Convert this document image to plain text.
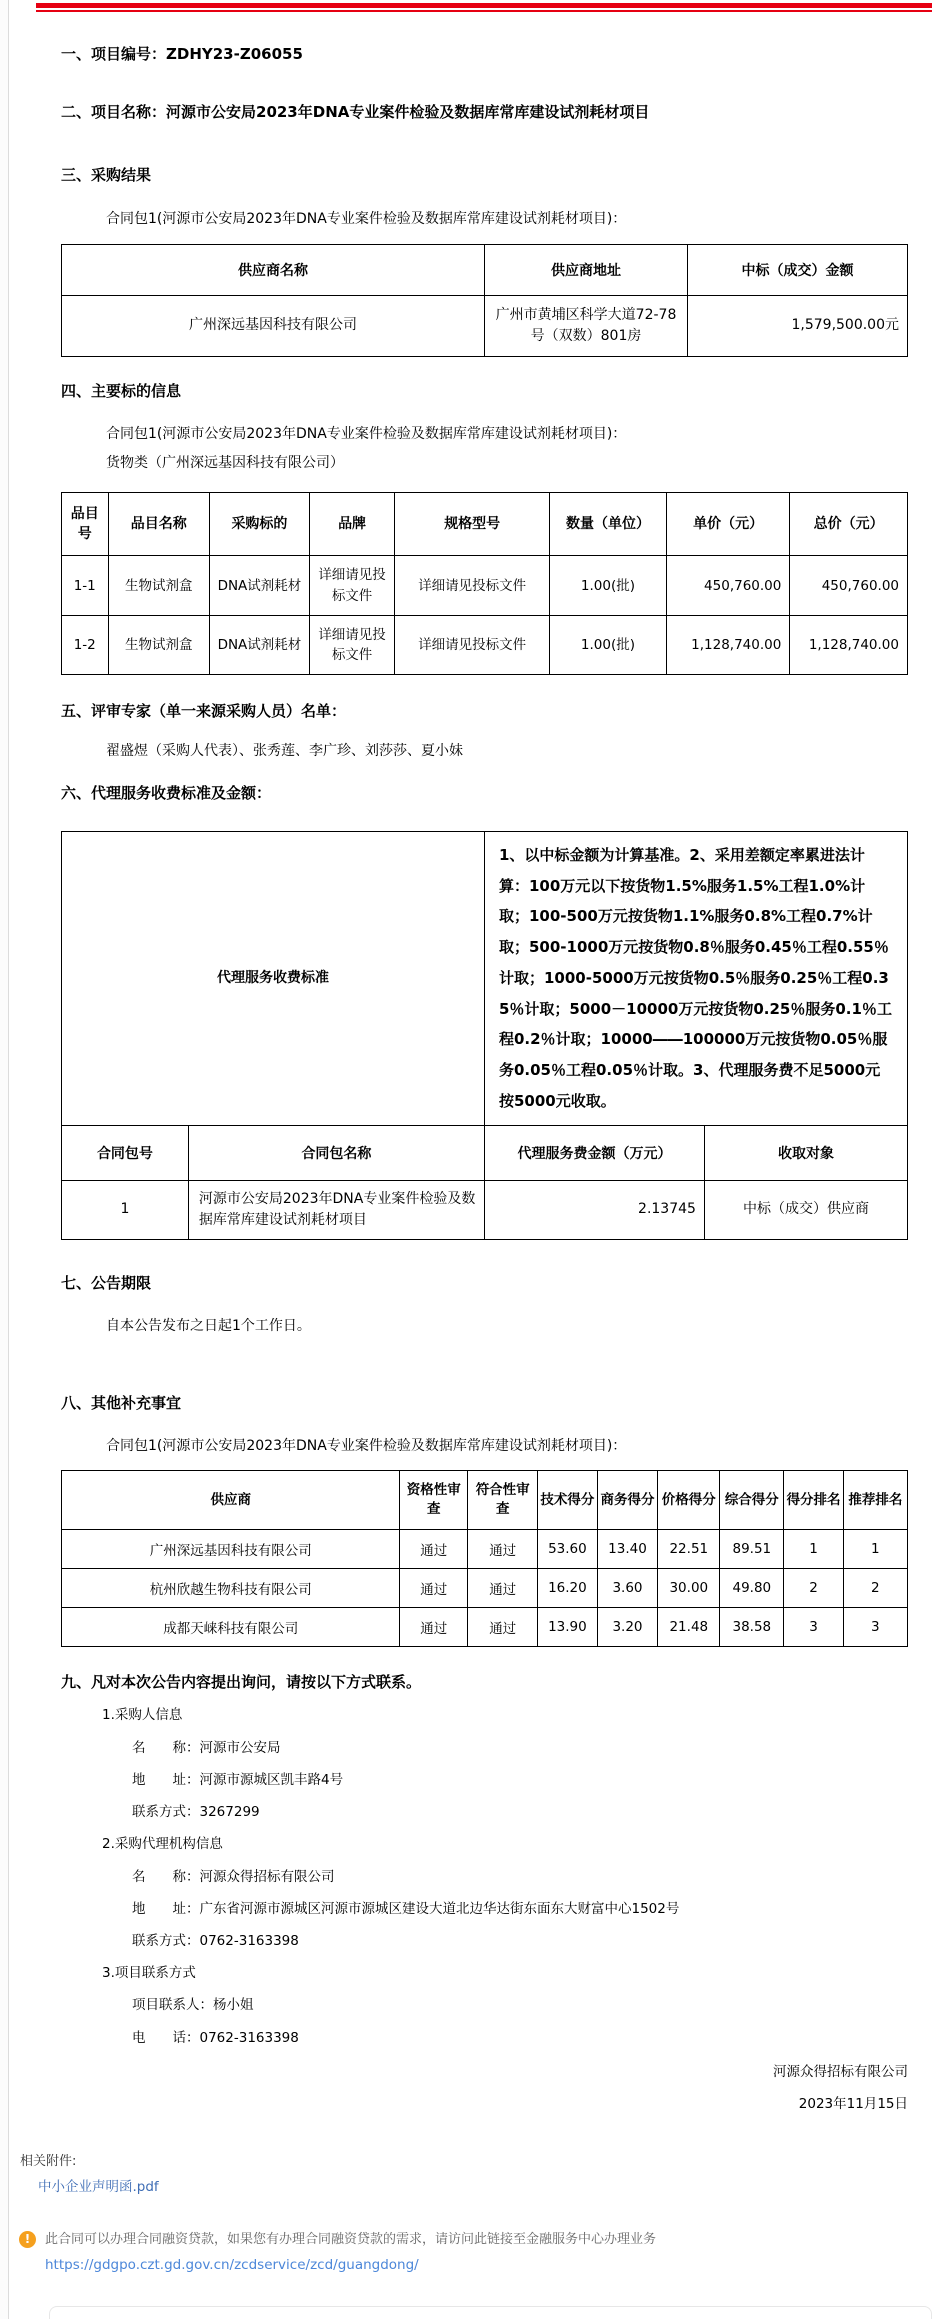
一、项目编号：ZDHY23-Z06055

二、项目名称：河源市公安局2023年DNA专业案件检验及数据库常库建设试剂耗材项目

三、采购结果

合同包1(河源市公安局2023年DNA专业案件检验及数据库常库建设试剂耗材项目)：

供应商名称	供应商地址	中标（成交）金额
广州深远基因科技有限公司	广州市黄埔区科学大道72-78号（双数）801房	1,579,500.00元

四、主要标的信息

合同包1(河源市公安局2023年DNA专业案件检验及数据库常库建设试剂耗材项目)：

货物类（广州深远基因科技有限公司）

品目号	品目名称	采购标的	品牌	规格型号	数量（单位）	单价（元）	总价（元）
1-1	生物试剂盒	DNA试剂耗材	详细请见投标文件	详细请见投标文件	1.00(批)	450,760.00	450,760.00
1-2	生物试剂盒	DNA试剂耗材	详细请见投标文件	详细请见投标文件	1.00(批)	1,128,740.00	1,128,740.00

五、评审专家（单一来源采购人员）名单：

翟盛煜（采购人代表）、张秀莲、李广珍、刘莎莎、夏小妹

六、代理服务收费标准及金额：

代理服务收费标准		1、以中标金额为计算基准。2、采用差额定率累进法计算：100万元以下按货物1.5%服务1.5%工程1.0%计取；100-500万元按货物1.1%服务0.8%工程0.7%计取；500-1000万元按货物0.8％服务0.45％工程0.55％计取；1000-5000万元按货物0.5％服务0.25％工程0.35％计取；5000－10000万元按货物0.25％服务0.1％工程0.2％计取；10000――100000万元按货物0.05％服务0.05％工程0.05％计取。3、代理服务费不足5000元按5000元收取。	
合同包号	合同包名称	代理服务费金额（万元）	收取对象
1	河源市公安局2023年DNA专业案件检验及数据库常库建设试剂耗材项目	2.13745	中标（成交）供应商

七、公告期限

自本公告发布之日起1个工作日。

八、其他补充事宜

合同包1(河源市公安局2023年DNA专业案件检验及数据库常库建设试剂耗材项目)：

供应商	资格性审查	符合性审查	技术得分	商务得分	价格得分	综合得分	得分排名	推荐排名
广州深远基因科技有限公司	通过	通过	53.60	13.40	22.51	89.51	1	1
杭州欣越生物科技有限公司	通过	通过	16.20	3.60	30.00	49.80	2	2
成都天崃科技有限公司	通过	通过	13.90	3.20	21.48	38.58	3	3

九、凡对本次公告内容提出询问，请按以下方式联系。

1.采购人信息

名　　称：河源市公安局

地　　址：河源市源城区凯丰路4号

联系方式：3267299

2.采购代理机构信息

名　　称：河源众得招标有限公司

地　　址：广东省河源市源城区河源市源城区建设大道北边华达街东面东大财富中心1502号

联系方式：0762-3163398

3.项目联系方式

项目联系人：杨小姐

电　　话：0762-3163398

河源众得招标有限公司

2023年11月15日

相关附件:
中小企业声明函.pdf
!	此合同可以办理合同融资贷款，如果您有办理合同融资贷款的需求，请访问此链接至金融服务中心办理业务
https://gdgpo.czt.gd.gov.cn/zcdservice/zcd/guangdong/
